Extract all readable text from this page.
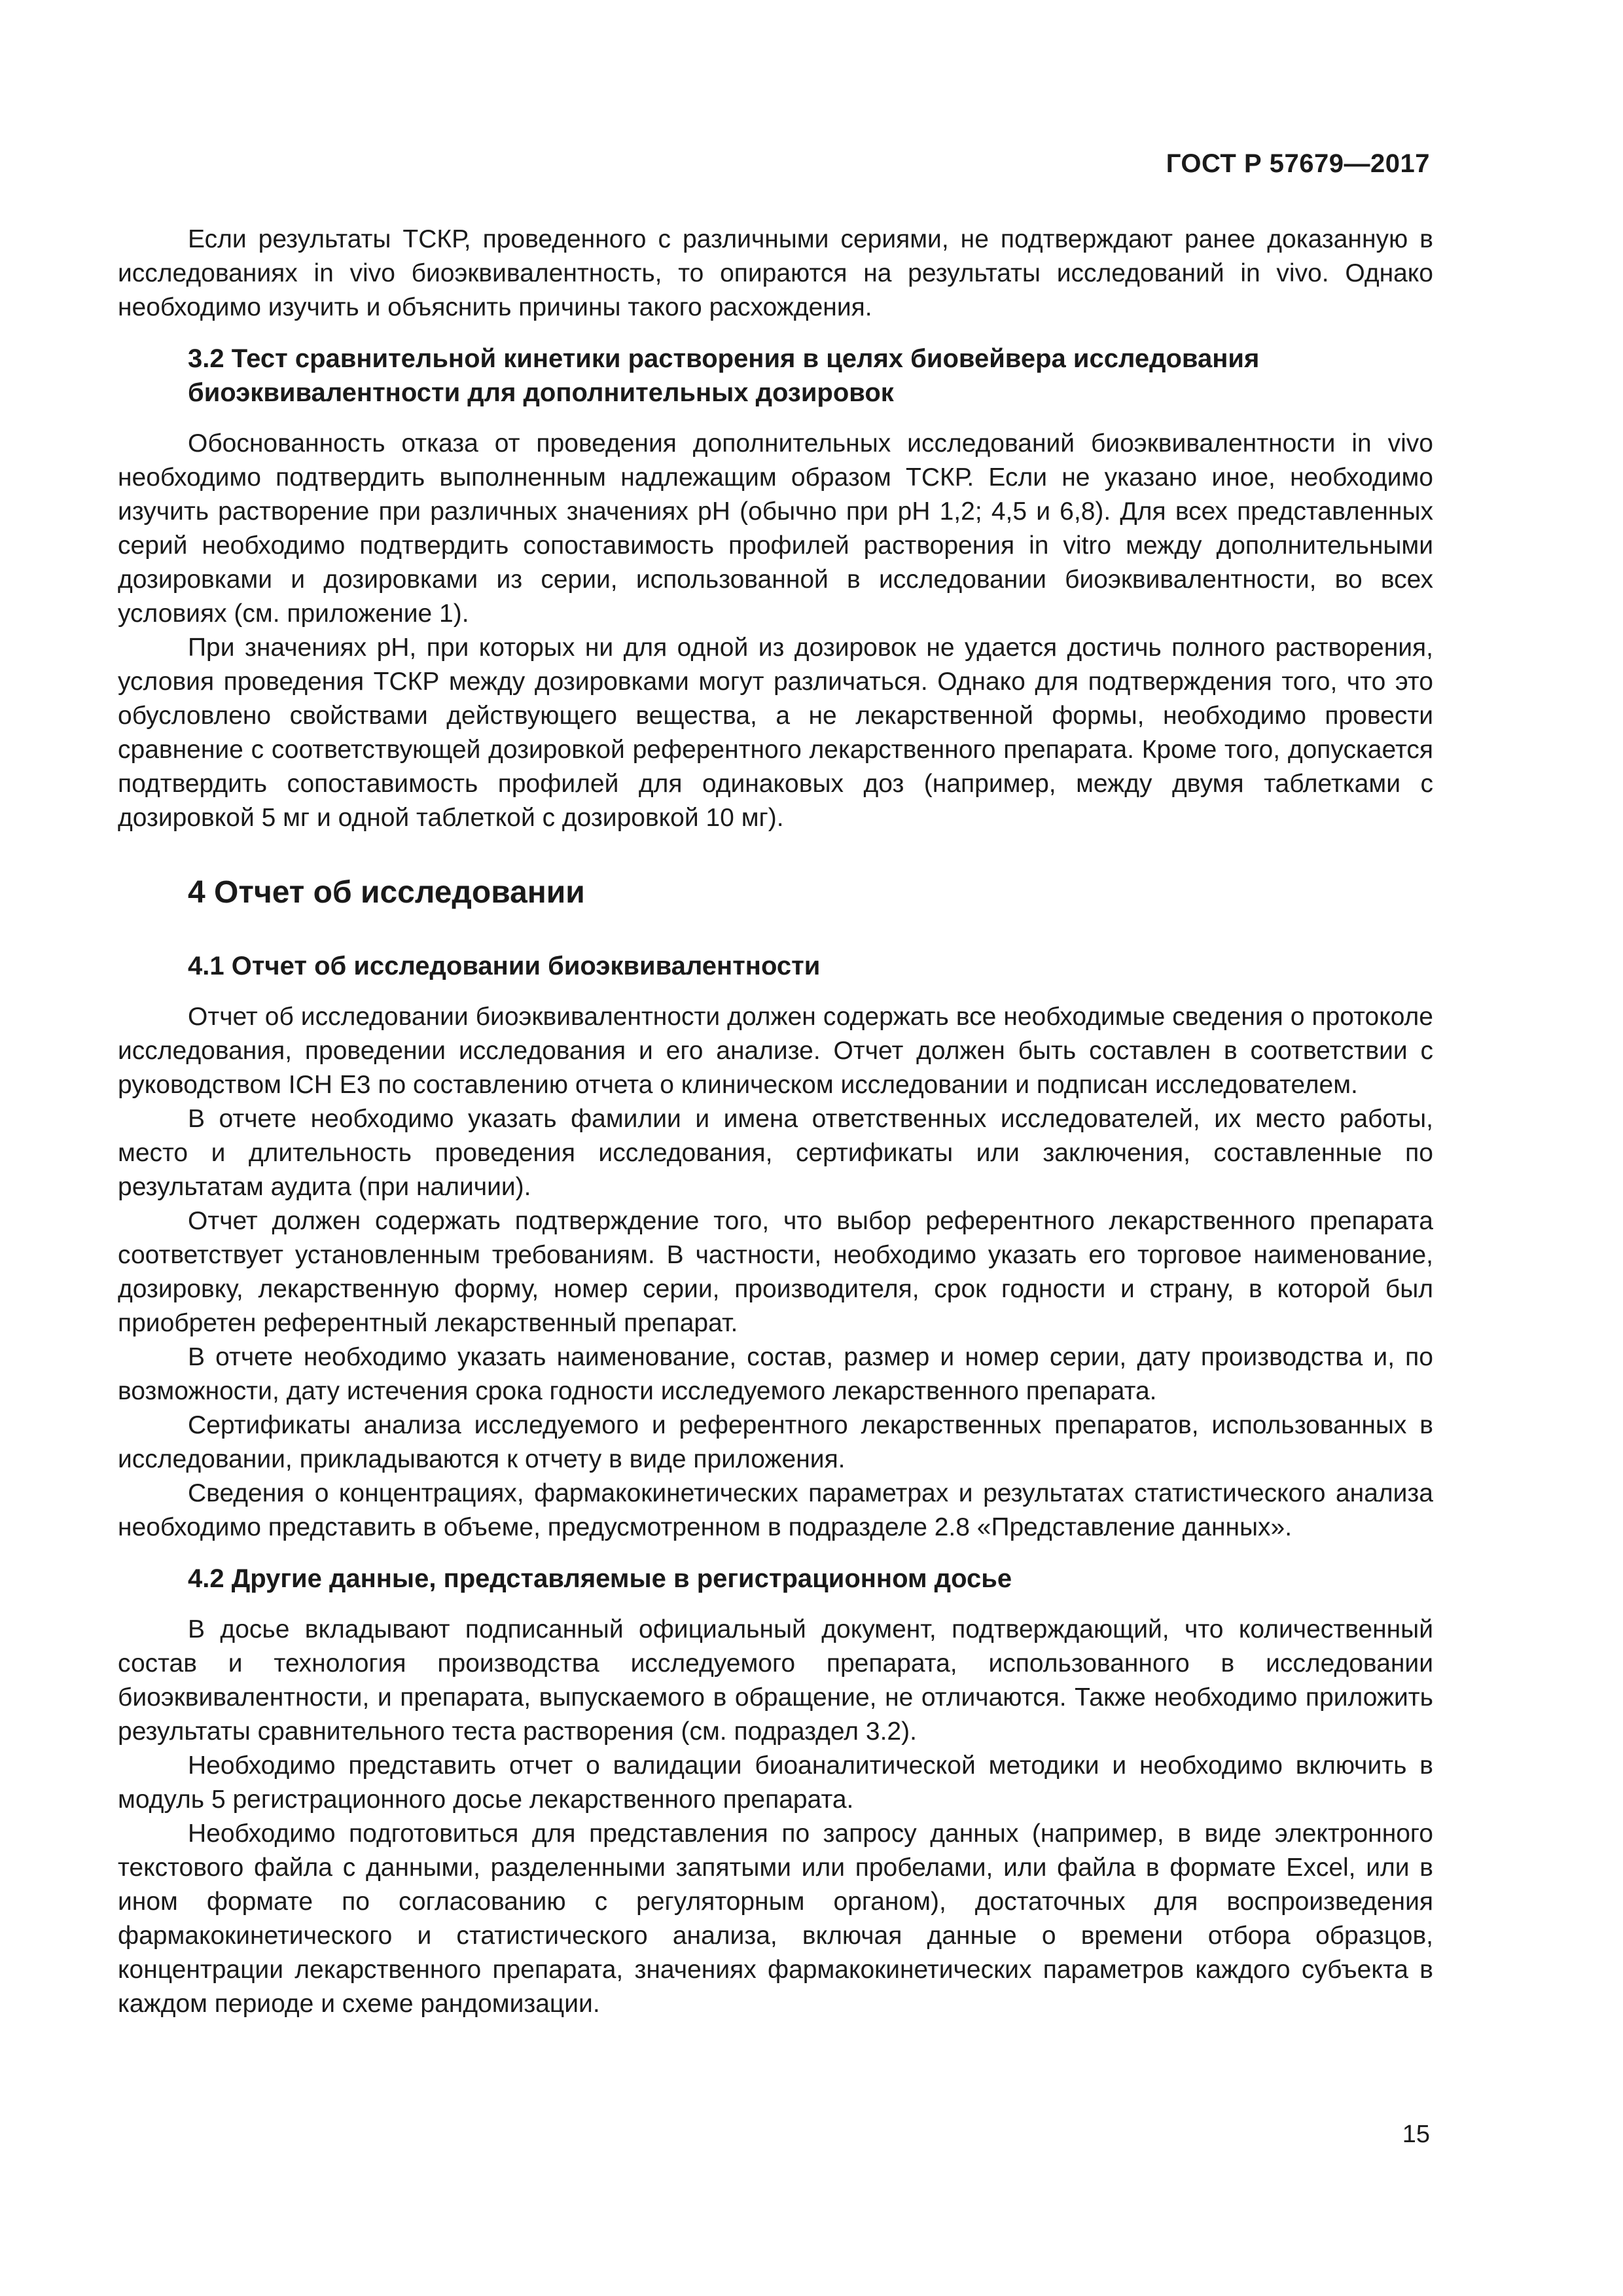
ГОСТ Р 57679—2017

Если результаты ТСКР, проведенного с различными сериями, не подтверждают ранее доказанную в исследованиях in vivo биоэквивалентность, то опираются на результаты исследований in vivo. Однако необходимо изучить и объяснить причины такого расхождения.

3.2 Тест сравнительной кинетики растворения в целях биовейвера исследования биоэквивалентности для дополнительных дозировок

Обоснованность отказа от проведения дополнительных исследований биоэквивалентности in vivo необходимо подтвердить выполненным надлежащим образом ТСКР. Если не указано иное, необходимо изучить растворение при различных значениях pH (обычно при pH 1,2; 4,5 и 6,8). Для всех представленных серий необходимо подтвердить сопоставимость профилей растворения in vitro между дополнительными дозировками и дозировками из серии, использованной в исследовании биоэквивалентности, во всех условиях (см. приложение 1).

При значениях pH, при которых ни для одной из дозировок не удается достичь полного растворения, условия проведения ТСКР между дозировками могут различаться. Однако для подтверждения того, что это обусловлено свойствами действующего вещества, а не лекарственной формы, необходимо провести сравнение с соответствующей дозировкой референтного лекарственного препарата. Кроме того, допускается подтвердить сопоставимость профилей для одинаковых доз (например, между двумя таблетками с дозировкой 5 мг и одной таблеткой с дозировкой 10 мг).

4 Отчет об исследовании
4.1 Отчет об исследовании биоэквивалентности

Отчет об исследовании биоэквивалентности должен содержать все необходимые сведения о протоколе исследования, проведении исследования и его анализе. Отчет должен быть составлен в соответствии с руководством ICH E3 по составлению отчета о клиническом исследовании и подписан исследователем.

В отчете необходимо указать фамилии и имена ответственных исследователей, их место работы, место и длительность проведения исследования, сертификаты или заключения, составленные по результатам аудита (при наличии).

Отчет должен содержать подтверждение того, что выбор референтного лекарственного препарата соответствует установленным требованиям. В частности, необходимо указать его торговое наименование, дозировку, лекарственную форму, номер серии, производителя, срок годности и страну, в которой был приобретен референтный лекарственный препарат.

В отчете необходимо указать наименование, состав, размер и номер серии, дату производства и, по возможности, дату истечения срока годности исследуемого лекарственного препарата.

Сертификаты анализа исследуемого и референтного лекарственных препаратов, использованных в исследовании, прикладываются к отчету в виде приложения.

Сведения о концентрациях, фармакокинетических параметрах и результатах статистического анализа необходимо представить в объеме, предусмотренном в подразделе 2.8 «Представление данных».

4.2 Другие данные, представляемые в регистрационном досье

В досье вкладывают подписанный официальный документ, подтверждающий, что количественный состав и технология производства исследуемого препарата, использованного в исследовании биоэквивалентности, и препарата, выпускаемого в обращение, не отличаются. Также необходимо приложить результаты сравнительного теста растворения (см. подраздел 3.2).

Необходимо представить отчет о валидации биоаналитической методики и необходимо включить в модуль 5 регистрационного досье лекарственного препарата.

Необходимо подготовиться для представления по запросу данных (например, в виде электронного текстового файла с данными, разделенными запятыми или пробелами, или файла в формате Excel, или в ином формате по согласованию с регуляторным органом), достаточных для воспроизведения фармакокинетического и статистического анализа, включая данные о времени отбора образцов, концентрации лекарственного препарата, значениях фармакокинетических параметров каждого субъекта в каждом периоде и схеме рандомизации.

15
